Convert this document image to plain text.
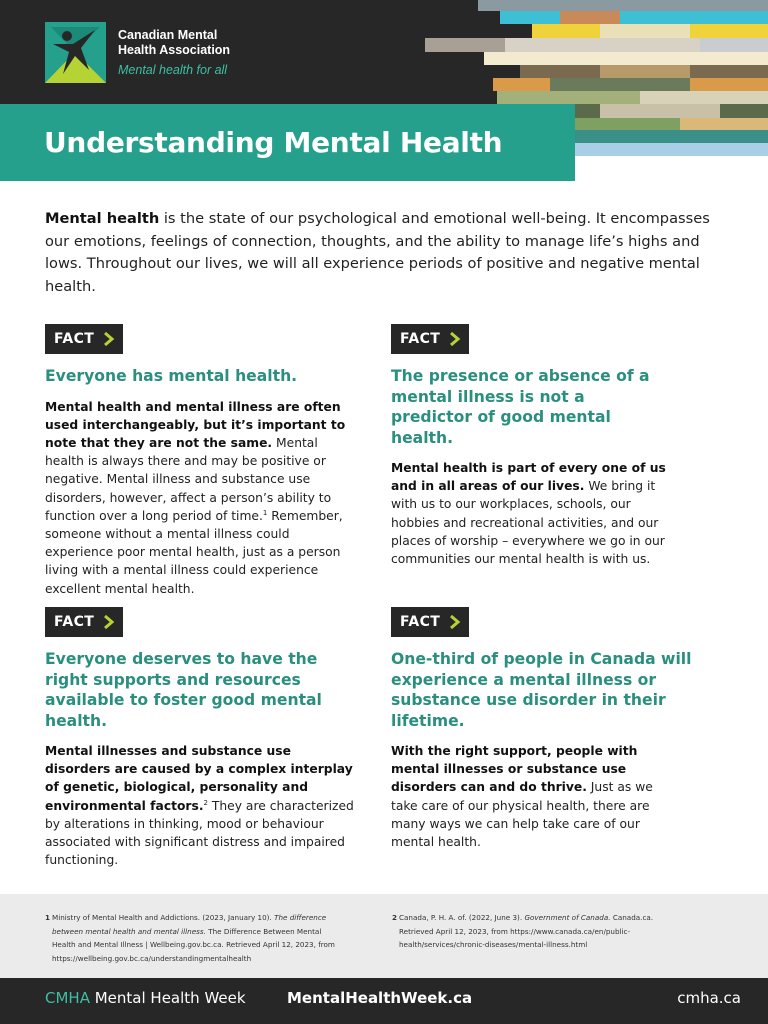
Canadian Mental
Health Association
Mental health for all
Understanding Mental Health

Mental health is the state of our psychological and emotional well-being. It encompasses our emotions, feelings of connection, thoughts, and the ability to manage life’s highs and lows. Throughout our lives, we will all experience periods of positive and negative mental health.

FACT
Everyone has mental health.

Mental health and mental illness are often used interchangeably, but it’s important to note that they are not the same. Mental health is always there and may be positive or negative. Mental illness and substance use disorders, however, affect a person’s ability to function over a long period of time.$^1$ Remember, someone without a mental illness could experience poor mental health, just as a person living with a mental illness could experience excellent mental health.

FACT
The presence or absence of a mental illness is not a predictor of good mental health.

Mental health is part of every one of us and in all areas of our lives. We bring it with us to our workplaces, schools, our hobbies and recreational activities, and our places of worship – everywhere we go in our communities our mental health is with us.

FACT
Everyone deserves to have the right supports and resources available to foster good mental health.

Mental illnesses and substance use disorders are caused by a complex interplay of genetic, biological, personality and environmental factors.$^2$ They are characterized by alterations in thinking, mood or behaviour associated with significant distress and impaired functioning.

FACT
One-third of people in Canada will experience a mental illness or substance use disorder in their lifetime.

With the right support, people with mental illnesses or substance use disorders can and do thrive. Just as we take care of our physical health, there are many ways we can help take care of our mental health.

1 Ministry of Mental Health and Addictions. (2023, January 10). The difference between mental health and mental illness. The Difference Between Mental Health and Mental Illness | Wellbeing.gov.bc.ca. Retrieved April 12, 2023, from https://wellbeing.gov.bc.ca/understandingmentalhealth
2 Canada, P. H. A. of. (2022, June 3). Government of Canada. Canada.ca. Retrieved April 12, 2023, from https://www.canada.ca/en/public-health/services/chronic-diseases/mental-illness.html
CMHA Mental Health Week	MentalHealthWeek.ca	cmha.ca
